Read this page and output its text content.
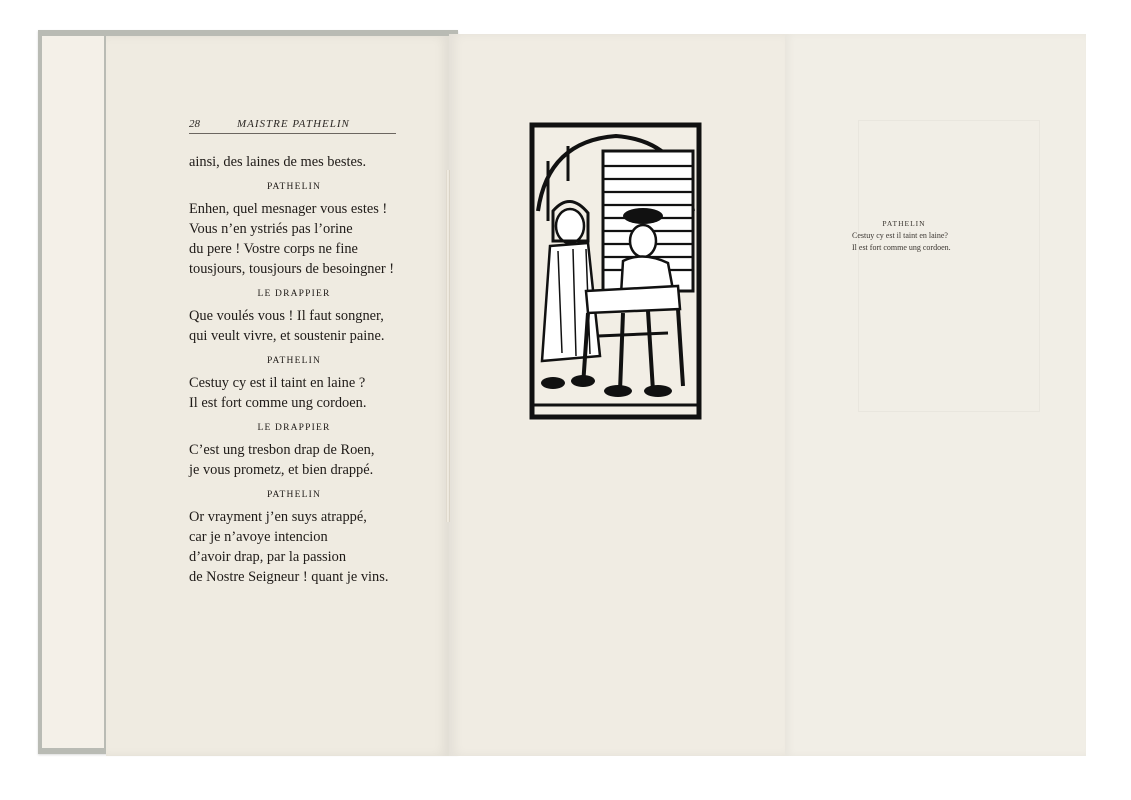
28	MAISTRE PATHELIN
ainsi, des laines de mes bestes.
PATHELIN
Enhen, quel mesnager vous estes !
Vous n’en ystriés pas l’orine
du pere ! Vostre corps ne fine
tousjours, tousjours de besoingner !
LE DRAPPIER
Que voulés vous ! Il faut songner,
qui veult vivre, et soustenir paine.
PATHELIN
Cestuy cy est il taint en laine ?
Il est fort comme ung cordoen.
LE DRAPPIER
C’est ung tresbon drap de Roen,
je vous prometz, et bien drappé.
PATHELIN
Or vrayment j’en suys atrappé,
car je n’avoye intencion
d’avoir drap, par la passion
de Nostre Seigneur ! quant je vins.
PATHELIN
Cestuy cy est il taint en laine?
Il est fort comme ung cordoen.
